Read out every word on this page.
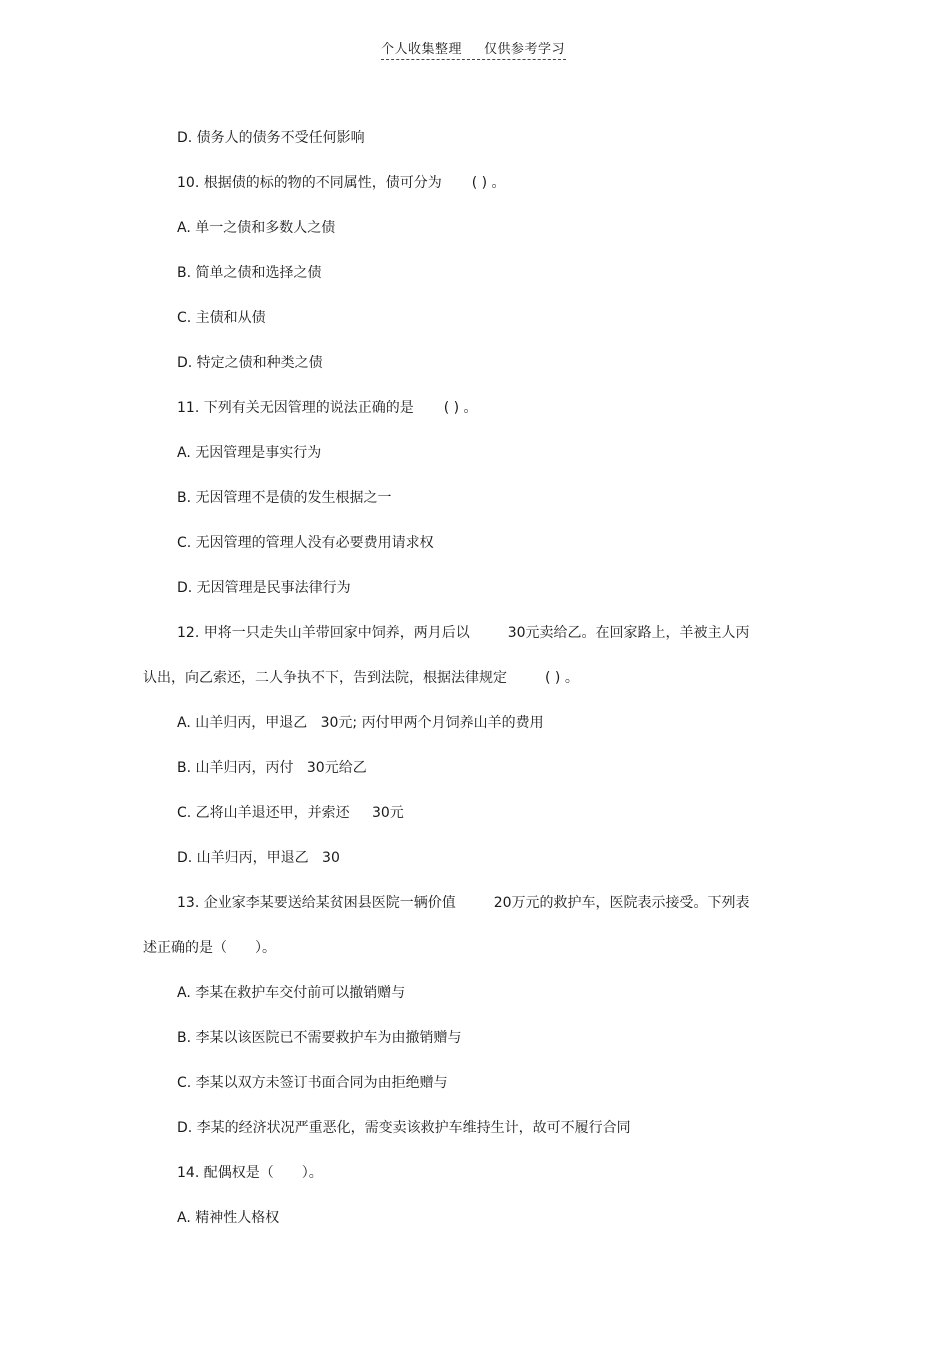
个人收集整理 仅供参考学习
D. 债务人的债务不受任何影响
10. 根据债的标的物的不同属性，债可分为 ( ) 。
A. 单一之债和多数人之债
B. 简单之债和选择之债
C. 主债和从债
D. 特定之债和种类之债
11. 下列有关无因管理的说法正确的是 ( ) 。
A. 无因管理是事实行为
B. 无因管理不是债的发生根据之一
C. 无因管理的管理人没有必要费用请求权
D. 无因管理是民事法律行为
12. 甲将一只走失山羊带回家中饲养，两月后以	30元卖给乙。在回家路上，羊被主人丙
认出，向乙索还，二人争执不下，告到法院，根据法律规定	( ) 。
A. 山羊归丙，甲退乙 30元; 丙付甲两个月饲养山羊的费用
B. 山羊归丙，丙付 30元给乙
C. 乙将山羊退还甲，并索还 30元
D. 山羊归丙，甲退乙 30
13. 企业家李某要送给某贫困县医院一辆价值	20万元的救护车，医院表示接受。下列表
述正确的是（　　）。
A. 李某在救护车交付前可以撤销赠与
B. 李某以该医院已不需要救护车为由撤销赠与
C. 李某以双方未签订书面合同为由拒绝赠与
D. 李某的经济状况严重恶化，需变卖该救护车维持生计，故可不履行合同
14. 配偶权是（　　）。
A. 精神性人格权
